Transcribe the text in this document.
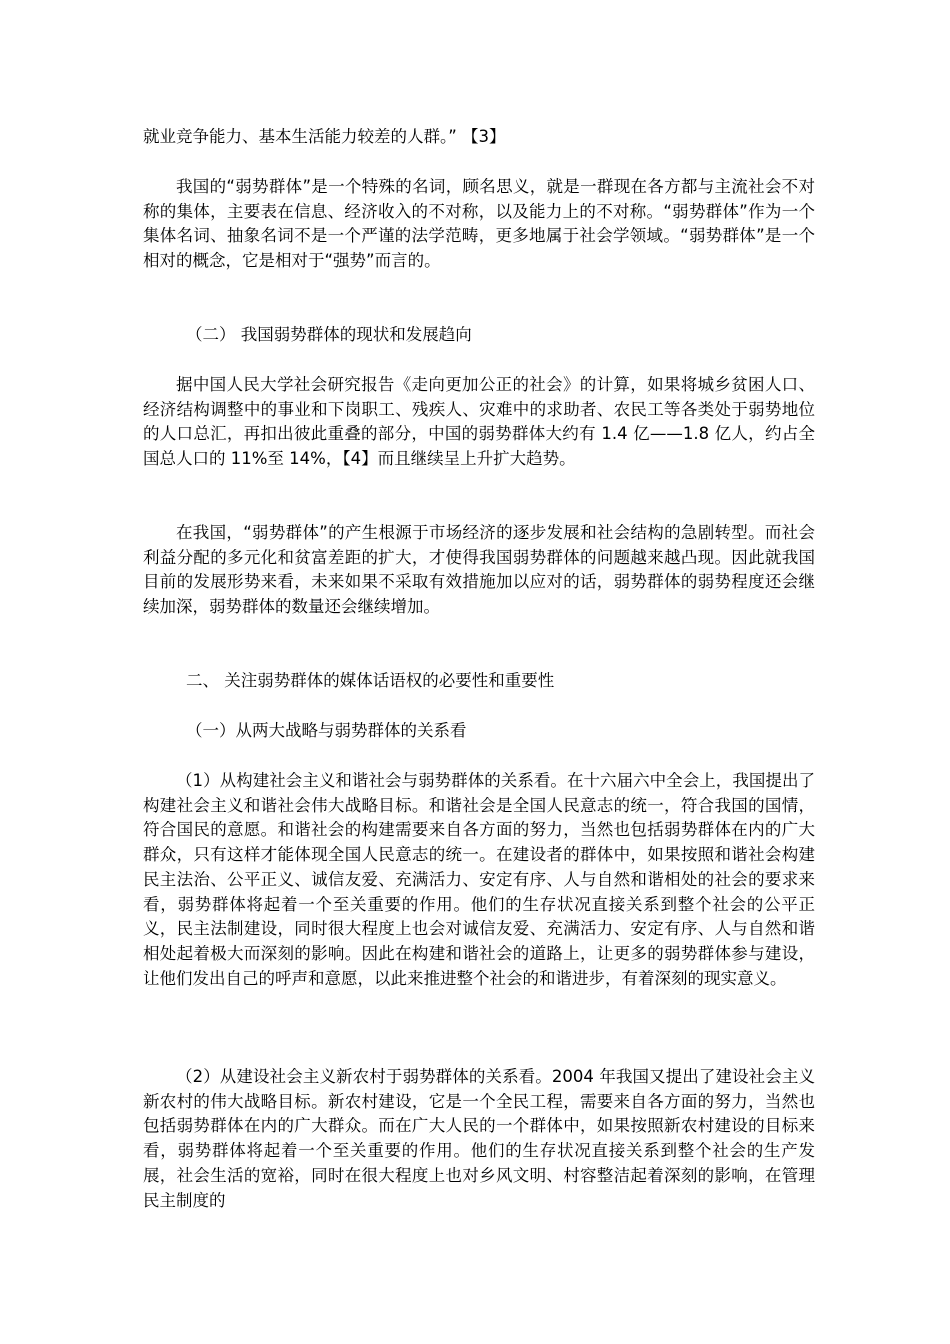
就业竞争能力、基本生活能力较差的人群。” 【3】

我国的“弱势群体”是一个特殊的名词，顾名思义，就是一群现在各方都与主流社会不对称的集体，主要表在信息、经济收入的不对称，以及能力上的不对称。“弱势群体”作为一个集体名词、抽象名词不是一个严谨的法学范畴，更多地属于社会学领域。“弱势群体”是一个相对的概念，它是相对于“强势”而言的。

（二） 我国弱势群体的现状和发展趋向

据中国人民大学社会研究报告《走向更加公正的社会》的计算，如果将城乡贫困人口、经济结构调整中的事业和下岗职工、残疾人、灾难中的求助者、农民工等各类处于弱势地位的人口总汇，再扣出彼此重叠的部分，中国的弱势群体大约有 1.4 亿——1.8 亿人，约占全国总人口的 11%至 14%，【4】而且继续呈上升扩大趋势。

在我国，“弱势群体”的产生根源于市场经济的逐步发展和社会结构的急剧转型。而社会利益分配的多元化和贫富差距的扩大，才使得我国弱势群体的问题越来越凸现。因此就我国目前的发展形势来看，未来如果不采取有效措施加以应对的话，弱势群体的弱势程度还会继续加深，弱势群体的数量还会继续增加。

二、 关注弱势群体的媒体话语权的必要性和重要性

（一）从两大战略与弱势群体的关系看

（1）从构建社会主义和谐社会与弱势群体的关系看。在十六届六中全会上，我国提出了构建社会主义和谐社会伟大战略目标。和谐社会是全国人民意志的统一，符合我国的国情，符合国民的意愿。和谐社会的构建需要来自各方面的努力，当然也包括弱势群体在内的广大群众，只有这样才能体现全国人民意志的统一。在建设者的群体中，如果按照和谐社会构建民主法治、公平正义、诚信友爱、充满活力、安定有序、人与自然和谐相处的社会的要求来看，弱势群体将起着一个至关重要的作用。他们的生存状况直接关系到整个社会的公平正义，民主法制建设，同时很大程度上也会对诚信友爱、充满活力、安定有序、人与自然和谐相处起着极大而深刻的影响。因此在构建和谐社会的道路上，让更多的弱势群体参与建设，让他们发出自己的呼声和意愿，以此来推进整个社会的和谐进步，有着深刻的现实意义。

（2）从建设社会主义新农村于弱势群体的关系看。2004 年我国又提出了建设社会主义新农村的伟大战略目标。新农村建设，它是一个全民工程，需要来自各方面的努力，当然也包括弱势群体在内的广大群众。而在广大人民的一个群体中，如果按照新农村建设的目标来看，弱势群体将起着一个至关重要的作用。他们的生存状况直接关系到整个社会的生产发展，社会生活的宽裕，同时在很大程度上也对乡风文明、村容整洁起着深刻的影响，在管理民主制度的
